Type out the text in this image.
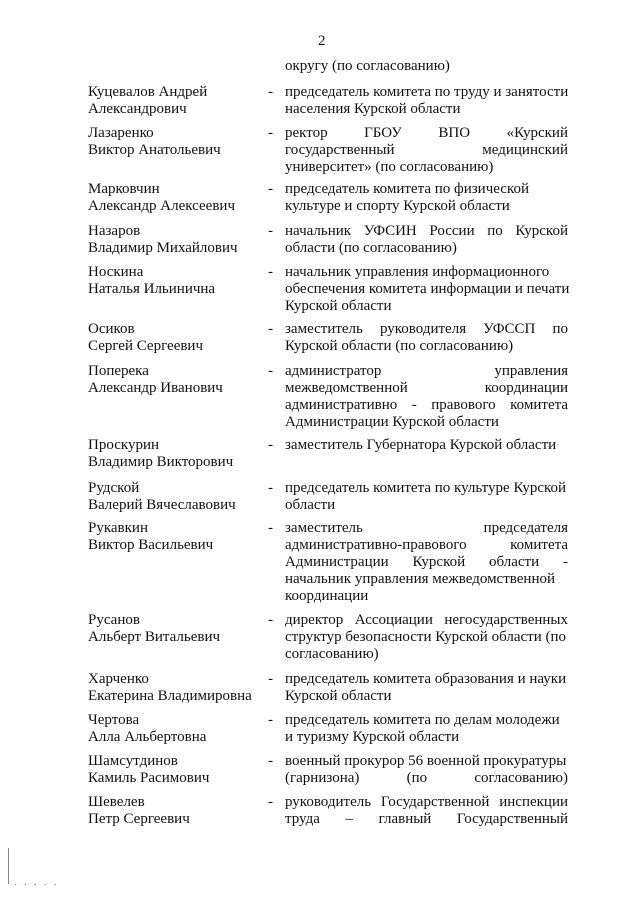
2
округу (по согласованию)
Куцевалов Андрей
Александрович
- председатель комитета по труду и занятости
населения Курской области
Лазаренко
Виктор Анатольевич
- ректор ГБОУ ВПО «Курский
государственный медицинский
университет» (по согласованию)
Марковчин
Александр Алексеевич
- председатель комитета по физической
культуре и спорту Курской области
Назаров
Владимир Михайлович
- начальник УФСИН России по Курской
области (по согласованию)
Носкина
Наталья Ильинична
- начальник управления информационного
обеспечения комитета информации и печати
Курской области
Осиков
Сергей Сергеевич
- заместитель руководителя УФССП по
Курской области (по согласованию)
Поперека
Александр Иванович
- администратор управления
межведомственной координации
административно - правового комитета
Администрации Курской области
Проскурин
Владимир Викторович
- заместитель Губернатора Курской области
Рудской
Валерий Вячеславович
- председатель комитета по культуре Курской
области
Рукавкин
Виктор Васильевич
- заместитель председателя
административно-правового комитета
Администрации Курской области -
начальник управления межведомственной
координации
Русанов
Альберт Витальевич
- директор Ассоциации негосударственных
структур безопасности Курской области (по
согласованию)
Харченко
Екатерина Владимировна
- председатель комитета образования и науки
Курской области
Чертова
Алла Альбертовна
- председатель комитета по делам молодежи
и туризму Курской области
Шамсутдинов
Камиль Расимович
- военный прокурор 56 военной прокуратуры
(гарнизона) (по согласованию)
Шевелев
Петр Сергеевич
- руководитель Государственной инспекции
труда – главный Государственный
· · · · ·
